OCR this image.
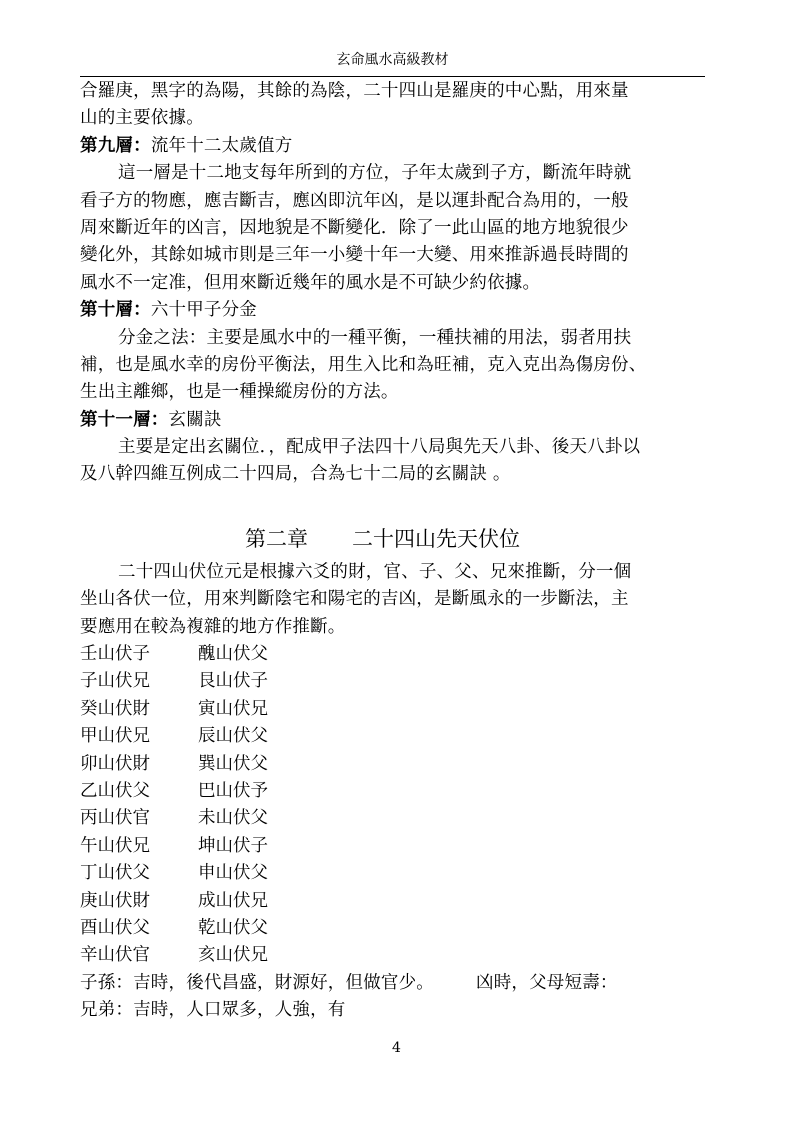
玄命風水高級教材
合羅庚，黑字的為陽，其餘的為陰，二十四山是羅庚的中心點，用來量
山的主要依據。
第九層：流年十二太歲值方
這一層是十二地支每年所到的方位，子年太歲到子方，斷流年時就
看子方的物應，應吉斷吉，應凶即沆年凶，是以運卦配合為用的，一般
周來斷近年的凶言，因地貌是不斷變化．除了一此山區的地方地貌很少
變化外，其餘如城市則是三年一小變十年一大變、用來推訴過長時間的
風水不一定准，但用來斷近幾年的風水是不可缺少約依據。
第十層：六十甲子分金
分金之法：主要是風水中的一種平衡，一種扶補的用法，弱者用扶
補，也是風水幸的房份平衡法，用生入比和為旺補，克入克出為傷房份、
生出主離鄉，也是一種操縱房份的方法。
第十一層：玄關訣
主要是定出玄關位．，配成甲子法四十八局與先天八卦、後天八卦以
及八幹四維互例成二十四局，合為七十二局的玄關訣 。
第二章 二十四山先天伏位
二十四山伏位元是根據六爻的財，官、子、父、兄來推斷，分一個
坐山各伏一位，用來判斷陰宅和陽宅的吉凶，是斷風永的一步斷法，主
要應用在較為複雜的地方作推斷。
壬山伏子	醜山伏父
子山伏兄	艮山伏子
癸山伏財	寅山伏兄
甲山伏兄	辰山伏父
卯山伏財	巽山伏父
乙山伏父	巴山伏予
丙山伏官	未山伏父
午山伏兄	坤山伏子
丁山伏父	申山伏父
庚山伏財	成山伏兄
酉山伏父	乾山伏父
辛山伏官	亥山伏兄
子孫：吉時，後代昌盛，財源好，但做官少。 凶時，父母短壽：
兄弟：吉時，人口眾多，人強，有
4
